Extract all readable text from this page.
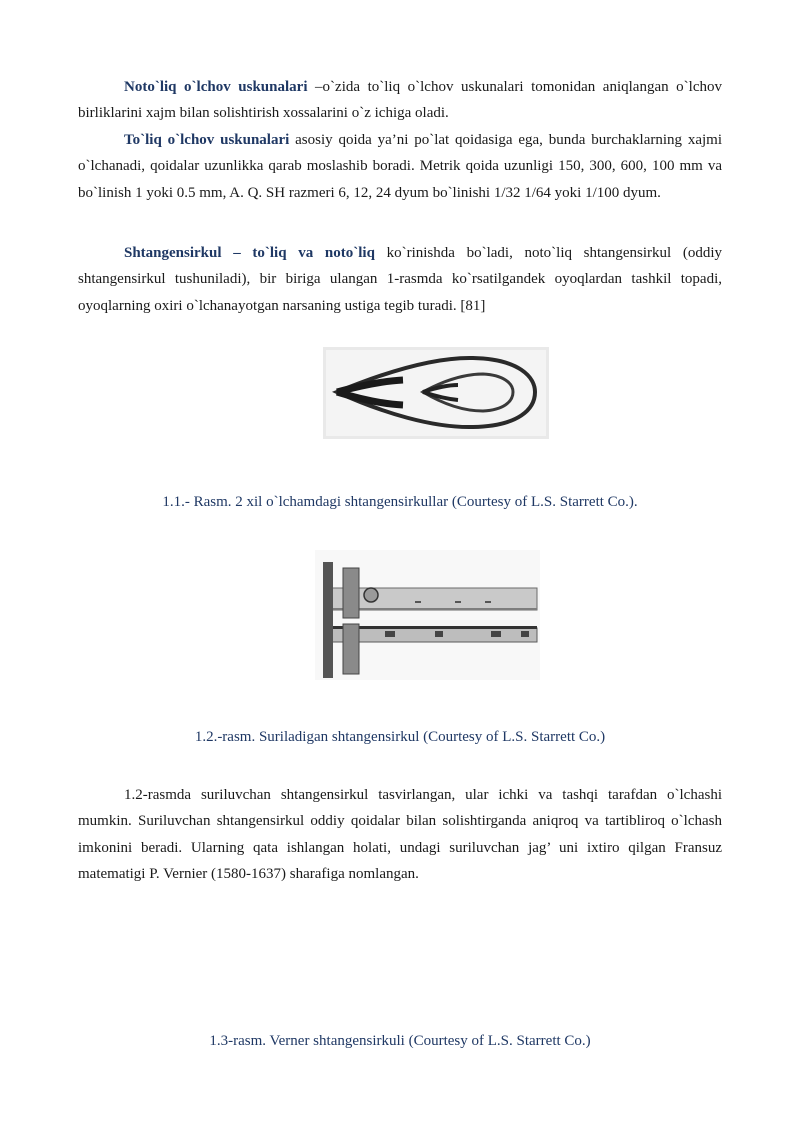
Noto`liq o`lchov uskunalari –o`zida to`liq o`lchov uskunalari tomonidan aniqlangan o`lchov birliklarini xajm bilan solishtirish xossalarini o`z ichiga oladi.

To`liq o`lchov uskunalari asosiy qoida ya’ni po`lat qoidasiga ega, bunda burchaklarning xajmi o`lchanadi, qoidalar uzunlikka qarab moslashib boradi. Metrik qoida uzunligi 150, 300, 600, 100 mm va bo`linish 1 yoki 0.5 mm, A. Q. SH razmeri 6, 12, 24 dyum bo`linishi 1/32 1/64 yoki 1/100 dyum.

Shtangensirkul – to`liq va noto`liq ko`rinishda bo`ladi, noto`liq shtangensirkul (oddiy shtangensirkul tushuniladi), bir biriga ulangan 1-rasmda ko`rsatilgandek oyoqlardan tashkil topadi, oyoqlarning oxiri o`lchanayotgan narsaning ustiga tegib turadi. [81]

1.1.- Rasm. 2 xil o`lchamdagi shtangensirkullar (Courtesy of L.S. Starrett Co.).

1.2.-rasm. Suriladigan shtangensirkul (Courtesy of L.S. Starrett Co.)

1.2-rasmda suriluvchan shtangensirkul tasvirlangan, ular ichki va tashqi tarafdan o`lchashi mumkin. Suriluvchan shtangensirkul oddiy qoidalar bilan solishtirganda aniqroq va tartibliroq o`lchash imkonini beradi. Ularning qata ishlangan holati, undagi suriluvchan jag’ uni ixtiro qilgan Fransuz matematigi P. Vernier (1580-1637) sharafiga nomlangan.

1.3-rasm. Verner shtangensirkuli (Courtesy of L.S. Starrett Co.)
